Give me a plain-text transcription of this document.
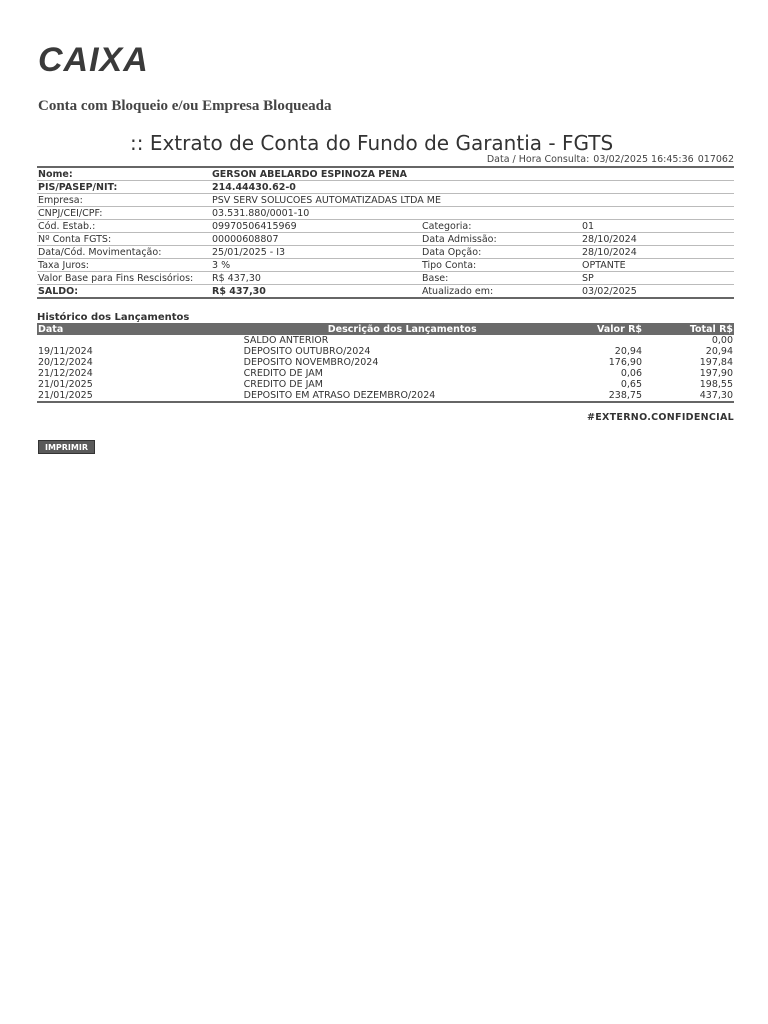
CAIXA
Conta com Bloqueio e/ou Empresa Bloqueada
:: Extrato de Conta do Fundo de Garantia - FGTS
Data / Hora Consulta: 03/02/2025 16:45:36 017062
Nome:	GERSON ABELARDO ESPINOZA PENA		
PIS/PASEP/NIT:	214.44430.62-0		
Empresa:	PSV SERV SOLUCOES AUTOMATIZADAS LTDA ME		
CNPJ/CEI/CPF:	03.531.880/0001-10		
Cód. Estab.:	09970506415969	Categoria:	01
Nº Conta FGTS:	00000608807	Data Admissão:	28/10/2024
Data/Cód. Movimentação:	25/01/2025 - I3	Data Opção:	28/10/2024
Taxa Juros:	3 %	Tipo Conta:	OPTANTE
Valor Base para Fins Rescisórios:	R$ 437,30	Base:	SP
SALDO:	R$ 437,30	Atualizado em:	03/02/2025
Histórico dos Lançamentos
Data	Descrição dos Lançamentos	Valor R$	Total R$
	SALDO ANTERIOR		0,00
19/11/2024	DEPOSITO OUTUBRO/2024	20,94	20,94
20/12/2024	DEPOSITO NOVEMBRO/2024	176,90	197,84
21/12/2024	CREDITO DE JAM	0,06	197,90
21/01/2025	CREDITO DE JAM	0,65	198,55
21/01/2025	DEPOSITO EM ATRASO DEZEMBRO/2024	238,75	437,30
#EXTERNO.CONFIDENCIAL
IMPRIMIR
